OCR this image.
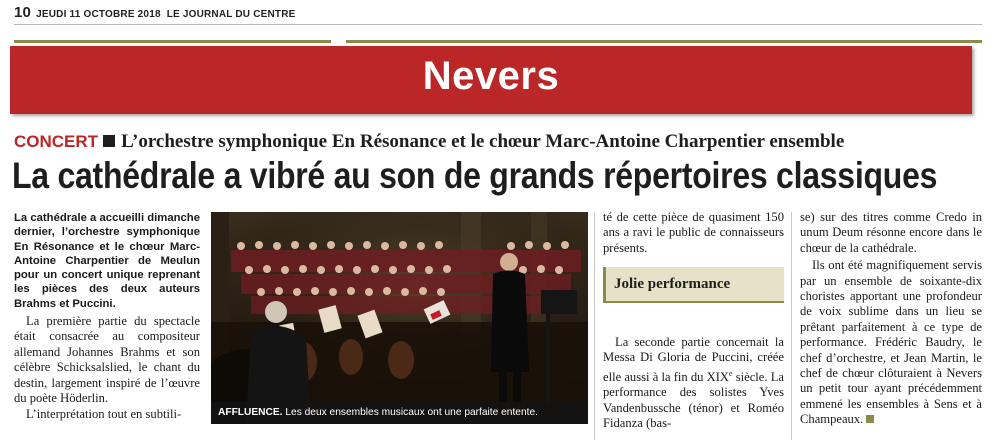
10 JEUDI 11 OCTOBRE 2018 LE JOURNAL DU CENTRE
Nevers
CONCERT L’orchestre symphonique En Résonance et le chœur Marc-Antoine Charpentier ensemble
La cathédrale a vibré au son de grands répertoires classiques
La cathédrale a accueilli dimanche dernier, l’orchestre symphonique En Résonance et le chœur Marc-Antoine Charpentier de Meulun pour un concert unique reprenant les pièces des deux auteurs Brahms et Puccini.
La première partie du spectacle était consacrée au compositeur allemand Johannes Brahms et son célèbre Schicksalslied, le chant du destin, largement inspiré de l’œuvre du poète Höderlin.
L’interprétation tout en subtili-	AFFLUENCE. Les deux ensembles musicaux ont une parfaite entente.
té de cette pièce de quasiment 150 ans a ravi le public de connaisseurs présents.
Jolie performance
La seconde partie concernait la Messa Di Gloria de Puccini, créée elle aussi à la fin du XIXe siècle. La performance des solistes Yves Vandenbussche (ténor) et Roméo Fidanza (bas-
se) sur des titres comme Credo in unum Deum résonne encore dans le chœur de la cathédrale.
Ils ont été magnifiquement servis par un ensemble de soixante-dix choristes apportant une profondeur de voix sublime dans un lieu se prêtant parfaitement à ce type de performance. Frédéric Baudry, le chef d’orchestre, et Jean Martin, le chef de chœur clôturaient à Nevers un petit tour ayant précédemment emmené les ensembles à Sens et à Champeaux.
